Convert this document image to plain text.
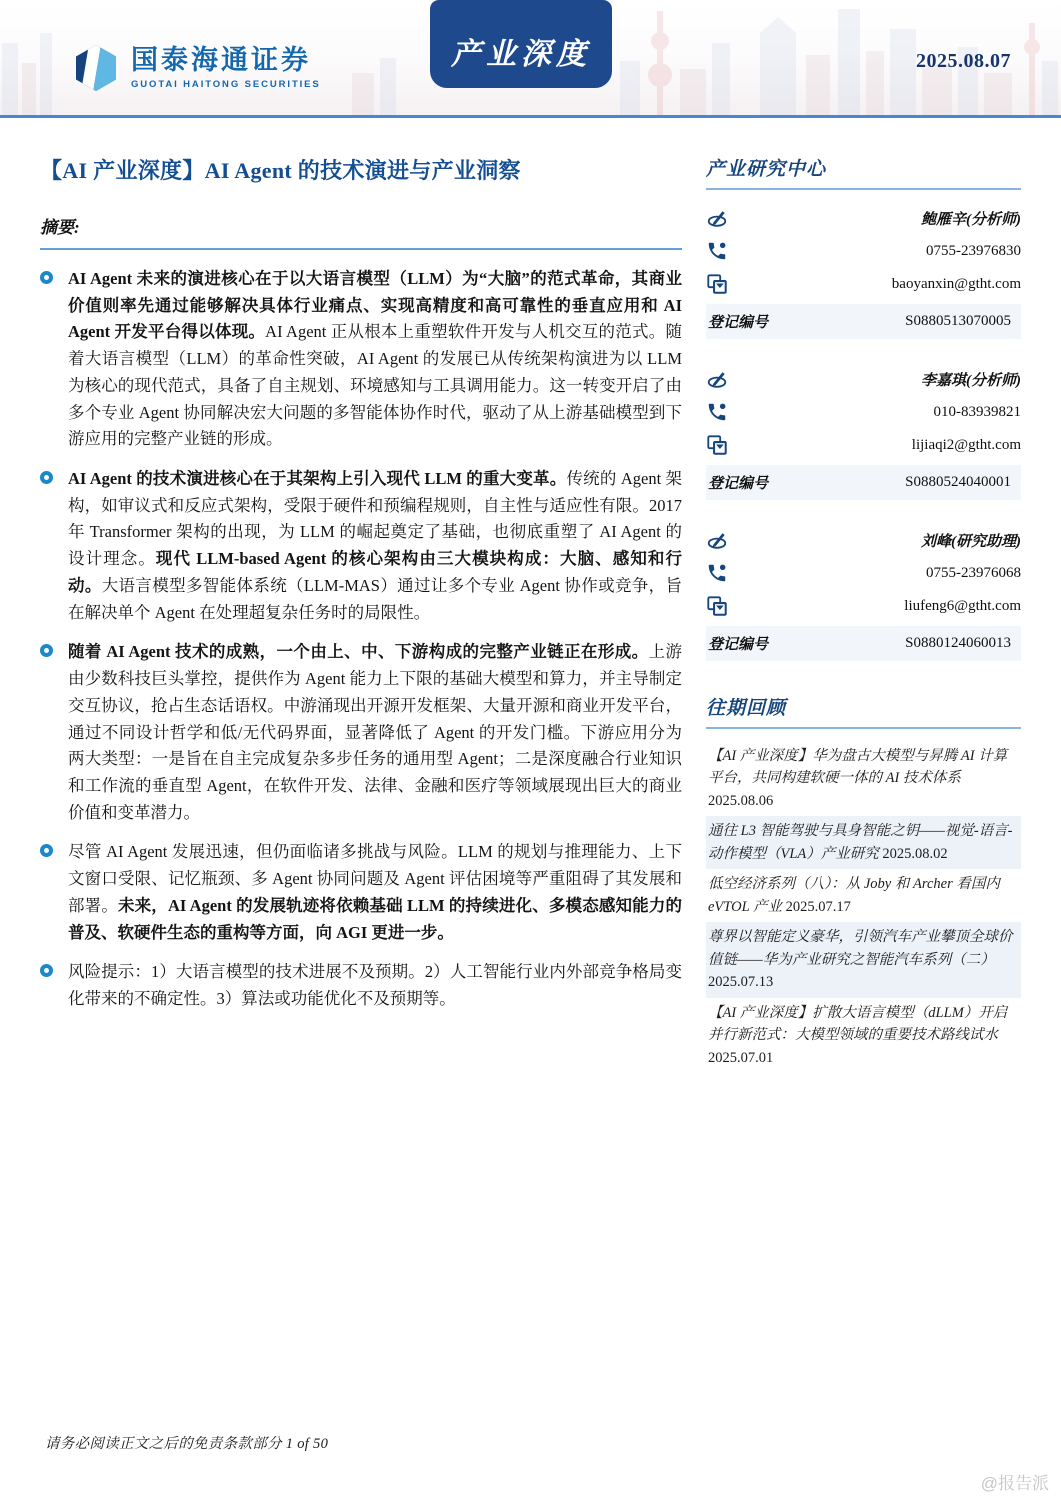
国泰海通证券
GUOTAI HAITONG SECURITIES
产业深度	2025.08.07
【AI 产业深度】AI Agent 的技术演进与产业洞察
摘要:
AI Agent 未来的演进核心在于以大语言模型（LLM）为“大脑”的范式革命，其商业价值则率先通过能够解决具体行业痛点、实现高精度和高可靠性的垂直应用和 AI Agent 开发平台得以体现。AI Agent 正从根本上重塑软件开发与人机交互的范式。随着大语言模型（LLM）的革命性突破，AI Agent 的发展已从传统架构演进为以 LLM 为核心的现代范式，具备了自主规划、环境感知与工具调用能力。这一转变开启了由多个专业 Agent 协同解决宏大问题的多智能体协作时代，驱动了从上游基础模型到下游应用的完整产业链的形成。
AI Agent 的技术演进核心在于其架构上引入现代 LLM 的重大变革。传统的 Agent 架构，如审议式和反应式架构，受限于硬件和预编程规则，自主性与适应性有限。2017 年 Transformer 架构的出现，为 LLM 的崛起奠定了基础，也彻底重塑了 AI Agent 的设计理念。现代 LLM-based Agent 的核心架构由三大模块构成：大脑、感知和行动。大语言模型多智能体系统（LLM-MAS）通过让多个专业 Agent 协作或竞争，旨在解决单个 Agent 在处理超复杂任务时的局限性。
随着 AI Agent 技术的成熟，一个由上、中、下游构成的完整产业链正在形成。上游由少数科技巨头掌控，提供作为 Agent 能力上下限的基础大模型和算力，并主导制定交互协议，抢占生态话语权。中游涌现出开源开发框架、大量开源和商业开发平台，通过不同设计哲学和低/无代码界面，显著降低了 Agent 的开发门槛。下游应用分为两大类型：一是旨在自主完成复杂多步任务的通用型 Agent；二是深度融合行业知识和工作流的垂直型 Agent，在软件开发、法律、金融和医疗等领域展现出巨大的商业价值和变革潜力。
尽管 AI Agent 发展迅速，但仍面临诸多挑战与风险。LLM 的规划与推理能力、上下文窗口受限、记忆瓶颈、多 Agent 协同问题及 Agent 评估困境等严重阻碍了其发展和部署。未来，AI Agent 的发展轨迹将依赖基础 LLM 的持续进化、多模态感知能力的普及、软硬件生态的重构等方面，向 AGI 更进一步。
风险提示：1）大语言模型的技术进展不及预期。2）人工智能行业内外部竞争格局变化带来的不确定性。3）算法或功能优化不及预期等。
产业研究中心
鲍雁辛(分析师)
0755-23976830
baoyanxin@gtht.com
登记编号	S0880513070005
李嘉琪(分析师)
010-83939821
lijiaqi2@gtht.com
登记编号	S0880524040001
刘峰(研究助理)
0755-23976068
liufeng6@gtht.com
登记编号	S0880124060013
往期回顾
【AI 产业深度】华为盘古大模型与昇腾 AI 计算平台，共同构建软硬一体的 AI 技术体系 2025.08.06
通往 L3 智能驾驶与具身智能之钥——视觉-语言-动作模型（VLA）产业研究 2025.08.02
低空经济系列（八）：从 Joby 和 Archer 看国内 eVTOL 产业 2025.07.17
尊界以智能定义豪华，引领汽车产业攀顶全球价值链——华为产业研究之智能汽车系列（二） 2025.07.13
【AI 产业深度】扩散大语言模型（dLLM）开启并行新范式：大模型领域的重要技术路线试水 2025.07.01
请务必阅读正文之后的免责条款部分 1 of 50
@报告派
